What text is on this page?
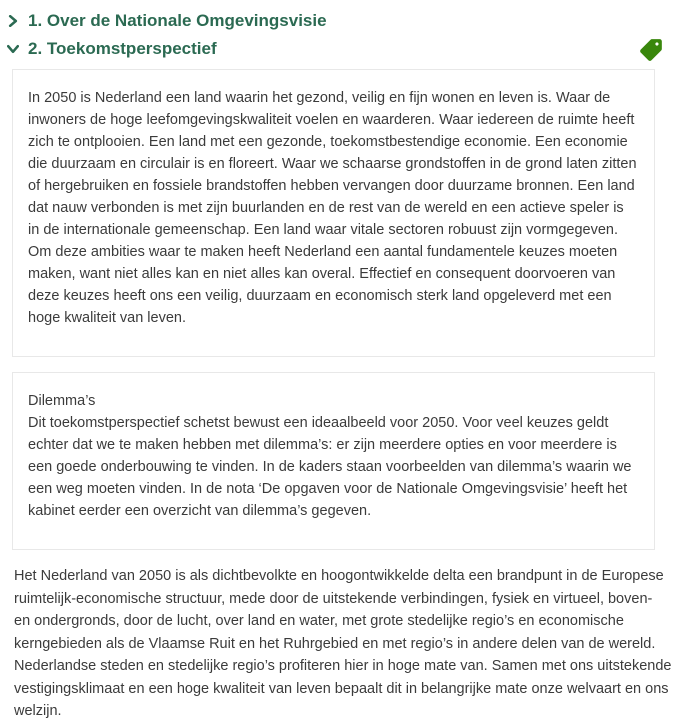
1. Over de Nationale Omgevingsvisie
2. Toekomstperspectief

In 2050 is Nederland een land waarin het gezond, veilig en fijn wonen en leven is. Waar de inwoners de hoge leefomgevingskwaliteit voelen en waarderen. Waar iedereen de ruimte heeft zich te ontplooien. Een land met een gezonde, toekomstbestendige economie. Een economie die duurzaam en circulair is en floreert. Waar we schaarse grondstoffen in de grond laten zitten of hergebruiken en fossiele brandstoffen hebben vervangen door duurzame bronnen. Een land dat nauw verbonden is met zijn buurlanden en de rest van de wereld en een actieve speler is in de internationale gemeenschap. Een land waar vitale sectoren robuust zijn vormgegeven. Om deze ambities waar te maken heeft Nederland een aantal fundamentele keuzes moeten maken, want niet alles kan en niet alles kan overal. Effectief en consequent doorvoeren van deze keuzes heeft ons een veilig, duurzaam en economisch sterk land opgeleverd met een hoge kwaliteit van leven.

Dilemma’s

Dit toekomstperspectief schetst bewust een ideaalbeeld voor 2050. Voor veel keuzes geldt echter dat we te maken hebben met dilemma’s: er zijn meerdere opties en voor meerdere is een goede onderbouwing te vinden. In de kaders staan voorbeelden van dilemma’s waarin we een weg moeten vinden. In de nota ‘De opgaven voor de Nationale Omgevingsvisie’ heeft het kabinet eerder een overzicht van dilemma’s gegeven.

Het Nederland van 2050 is als dichtbevolkte en hoogontwikkelde delta een brandpunt in de Europese ruimtelijk-economische structuur, mede door de uitstekende verbindingen, fysiek en virtueel, boven- en ondergronds, door de lucht, over land en water, met grote stedelijke regio’s en economische kerngebieden als de Vlaamse Ruit en het Ruhrgebied en met regio’s in andere delen van de wereld. Nederlandse steden en stedelijke regio’s profiteren hier in hoge mate van. Samen met ons uitstekende vestigingsklimaat en een hoge kwaliteit van leven bepaalt dit in belangrijke mate onze welvaart en ons welzijn.
